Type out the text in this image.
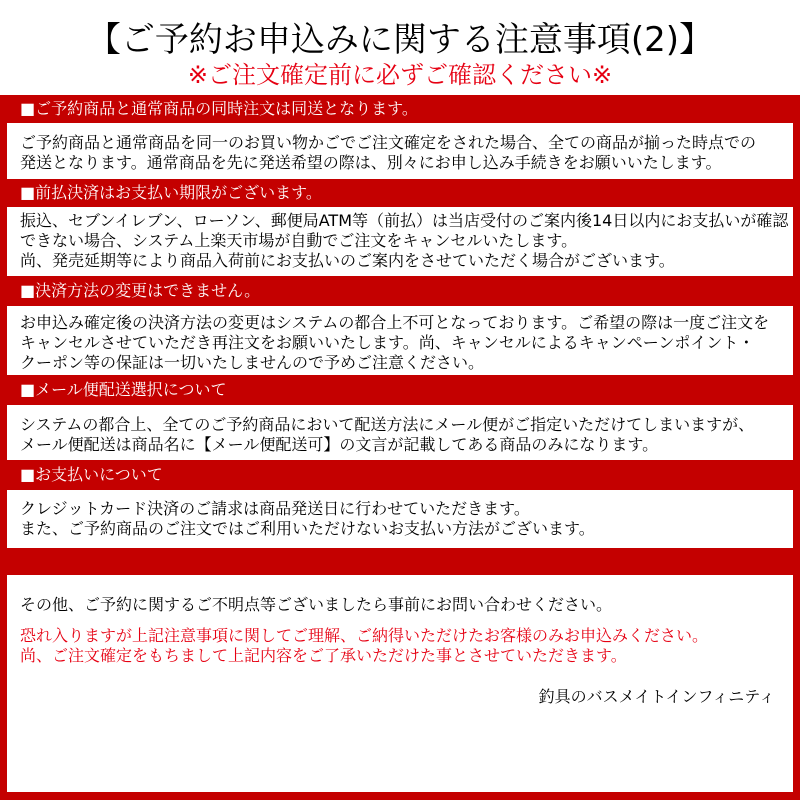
【ご予約お申込みに関する注意事項(2)】
※ご注文確定前に必ずご確認ください※
■ご予約商品と通常商品の同時注文は同送となります。
ご予約商品と通常商品を同一のお買い物かごでご注文確定をされた場合、全ての商品が揃った時点での
発送となります。通常商品を先に発送希望の際は、別々にお申し込み手続きをお願いいたします。
■前払決済はお支払い期限がございます。
振込、セブンイレブン、ローソン、郵便局ATM等（前払）は当店受付のご案内後14日以内にお支払いが確認
できない場合、システム上楽天市場が自動でご注文をキャンセルいたします。
尚、発売延期等により商品入荷前にお支払いのご案内をさせていただく場合がございます。
■決済方法の変更はできません。
お申込み確定後の決済方法の変更はシステムの都合上不可となっております。ご希望の際は一度ご注文を
キャンセルさせていただき再注文をお願いいたします。尚、キャンセルによるキャンペーンポイント・
クーポン等の保証は一切いたしませんので予めご注意ください。
■メール便配送選択について
システムの都合上、全てのご予約商品において配送方法にメール便がご指定いただけてしまいますが、
メール便配送は商品名に【メール便配送可】の文言が記載してある商品のみになります。
■お支払いについて
クレジットカード決済のご請求は商品発送日に行わせていただきます。
また、ご予約商品のご注文ではご利用いただけないお支払い方法がございます。
その他、ご予約に関するご不明点等ございましたら事前にお問い合わせください。
恐れ入りますが上記注意事項に関してご理解、ご納得いただけたお客様のみお申込みください。
尚、ご注文確定をもちまして上記内容をご了承いただけた事とさせていただきます。
釣具のバスメイトインフィニティ
